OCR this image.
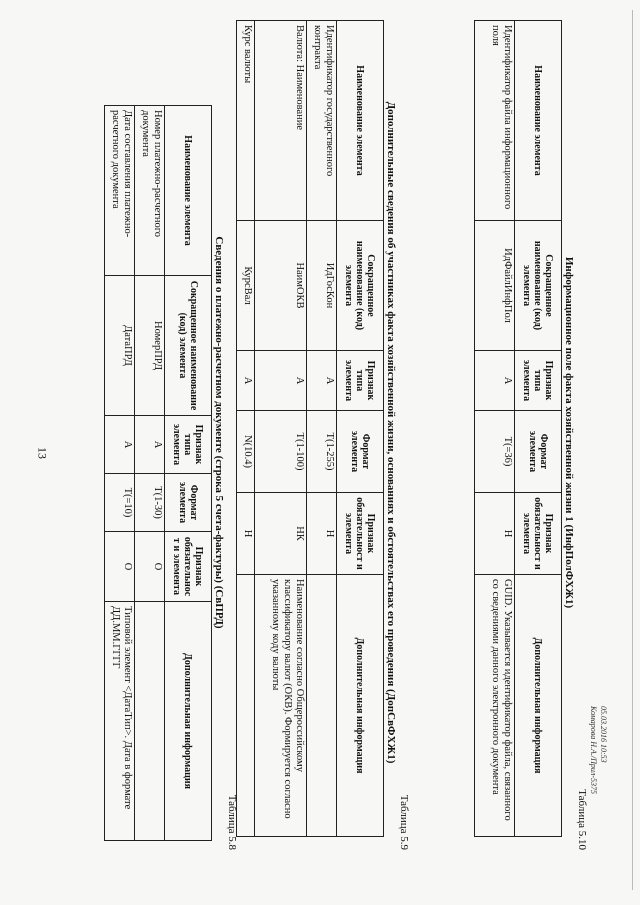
13
05.03.2016 10:53
Комарова Н.А./Прил-5375
Таблица 5.8
Сведения о платежно-расчетном документе (строка 5 счета-фактуры) (СвПРД)
Наименование элемента	Сокращенное наименование (код) элемента	Признак типа элемента	Формат элемента	Признак обязательност и элемента	Дополнительная информация
Номер платежно-расчетного документа	НомерПРД	А	T(1-30)	О	
Дата составления платежно-расчетного документа	ДатаПРД	А	T(=10)	О	Типовой элемент <ДатаТип>. Дата в формате ДД.ММ.ГГГГ
Таблица 5.9
Дополнительные сведения об участниках факта хозяйственной жизни, основаниях и обстоятельствах его проведения (ДопСвФХЖ1)
Наименование элемента	Сокращенное наименование (код) элемента	Признак типа элемента	Формат элемента	Признак обязательност и элемента	Дополнительная информация
Идентификатор государственного контракта	ИдГосКон	А	T(1-255)	Н	
Валюта: Наименование	НаимОКВ	А	T(1-100)	НК	Наименование согласно Общероссийскому классификатору валют (ОКВ). Формируется согласно указанному коду валюты
Курс валюты	КурсВал	А	N(10.4)	Н	
Таблица 5.10
Информационное поле факта хозяйственной жизни 1 (ИнфПолФХЖ1)
Наименование элемента	Сокращенное наименование (код) элемента	Признак типа элемента	Формат элемента	Признак обязательност и элемента	Дополнительная информация
Идентификатор файла информационного поля	ИдФайлИнфПол	А	T(=36)	Н	GUID. Указывается идентификатор файла, связанного со сведениями данного электронного документа
